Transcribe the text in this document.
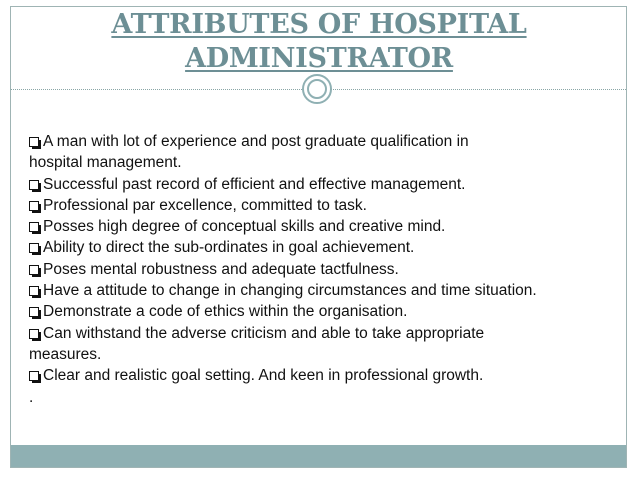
ATTRIBUTES OF HOSPITAL
ADMINISTRATOR
A man with lot of experience and post graduate qualification in
hospital management.
Successful past record of efficient and effective management.
Professional par excellence, committed to task.
Posses high degree of conceptual skills and creative mind.
Ability to direct the sub-ordinates in goal achievement.
Poses mental robustness and adequate tactfulness.
Have a attitude to change in changing circumstances and time situation.
Demonstrate a code of ethics within the organisation.
Can withstand the adverse criticism and able to take appropriate
measures.
Clear and realistic goal setting. And keen in professional growth.
.
